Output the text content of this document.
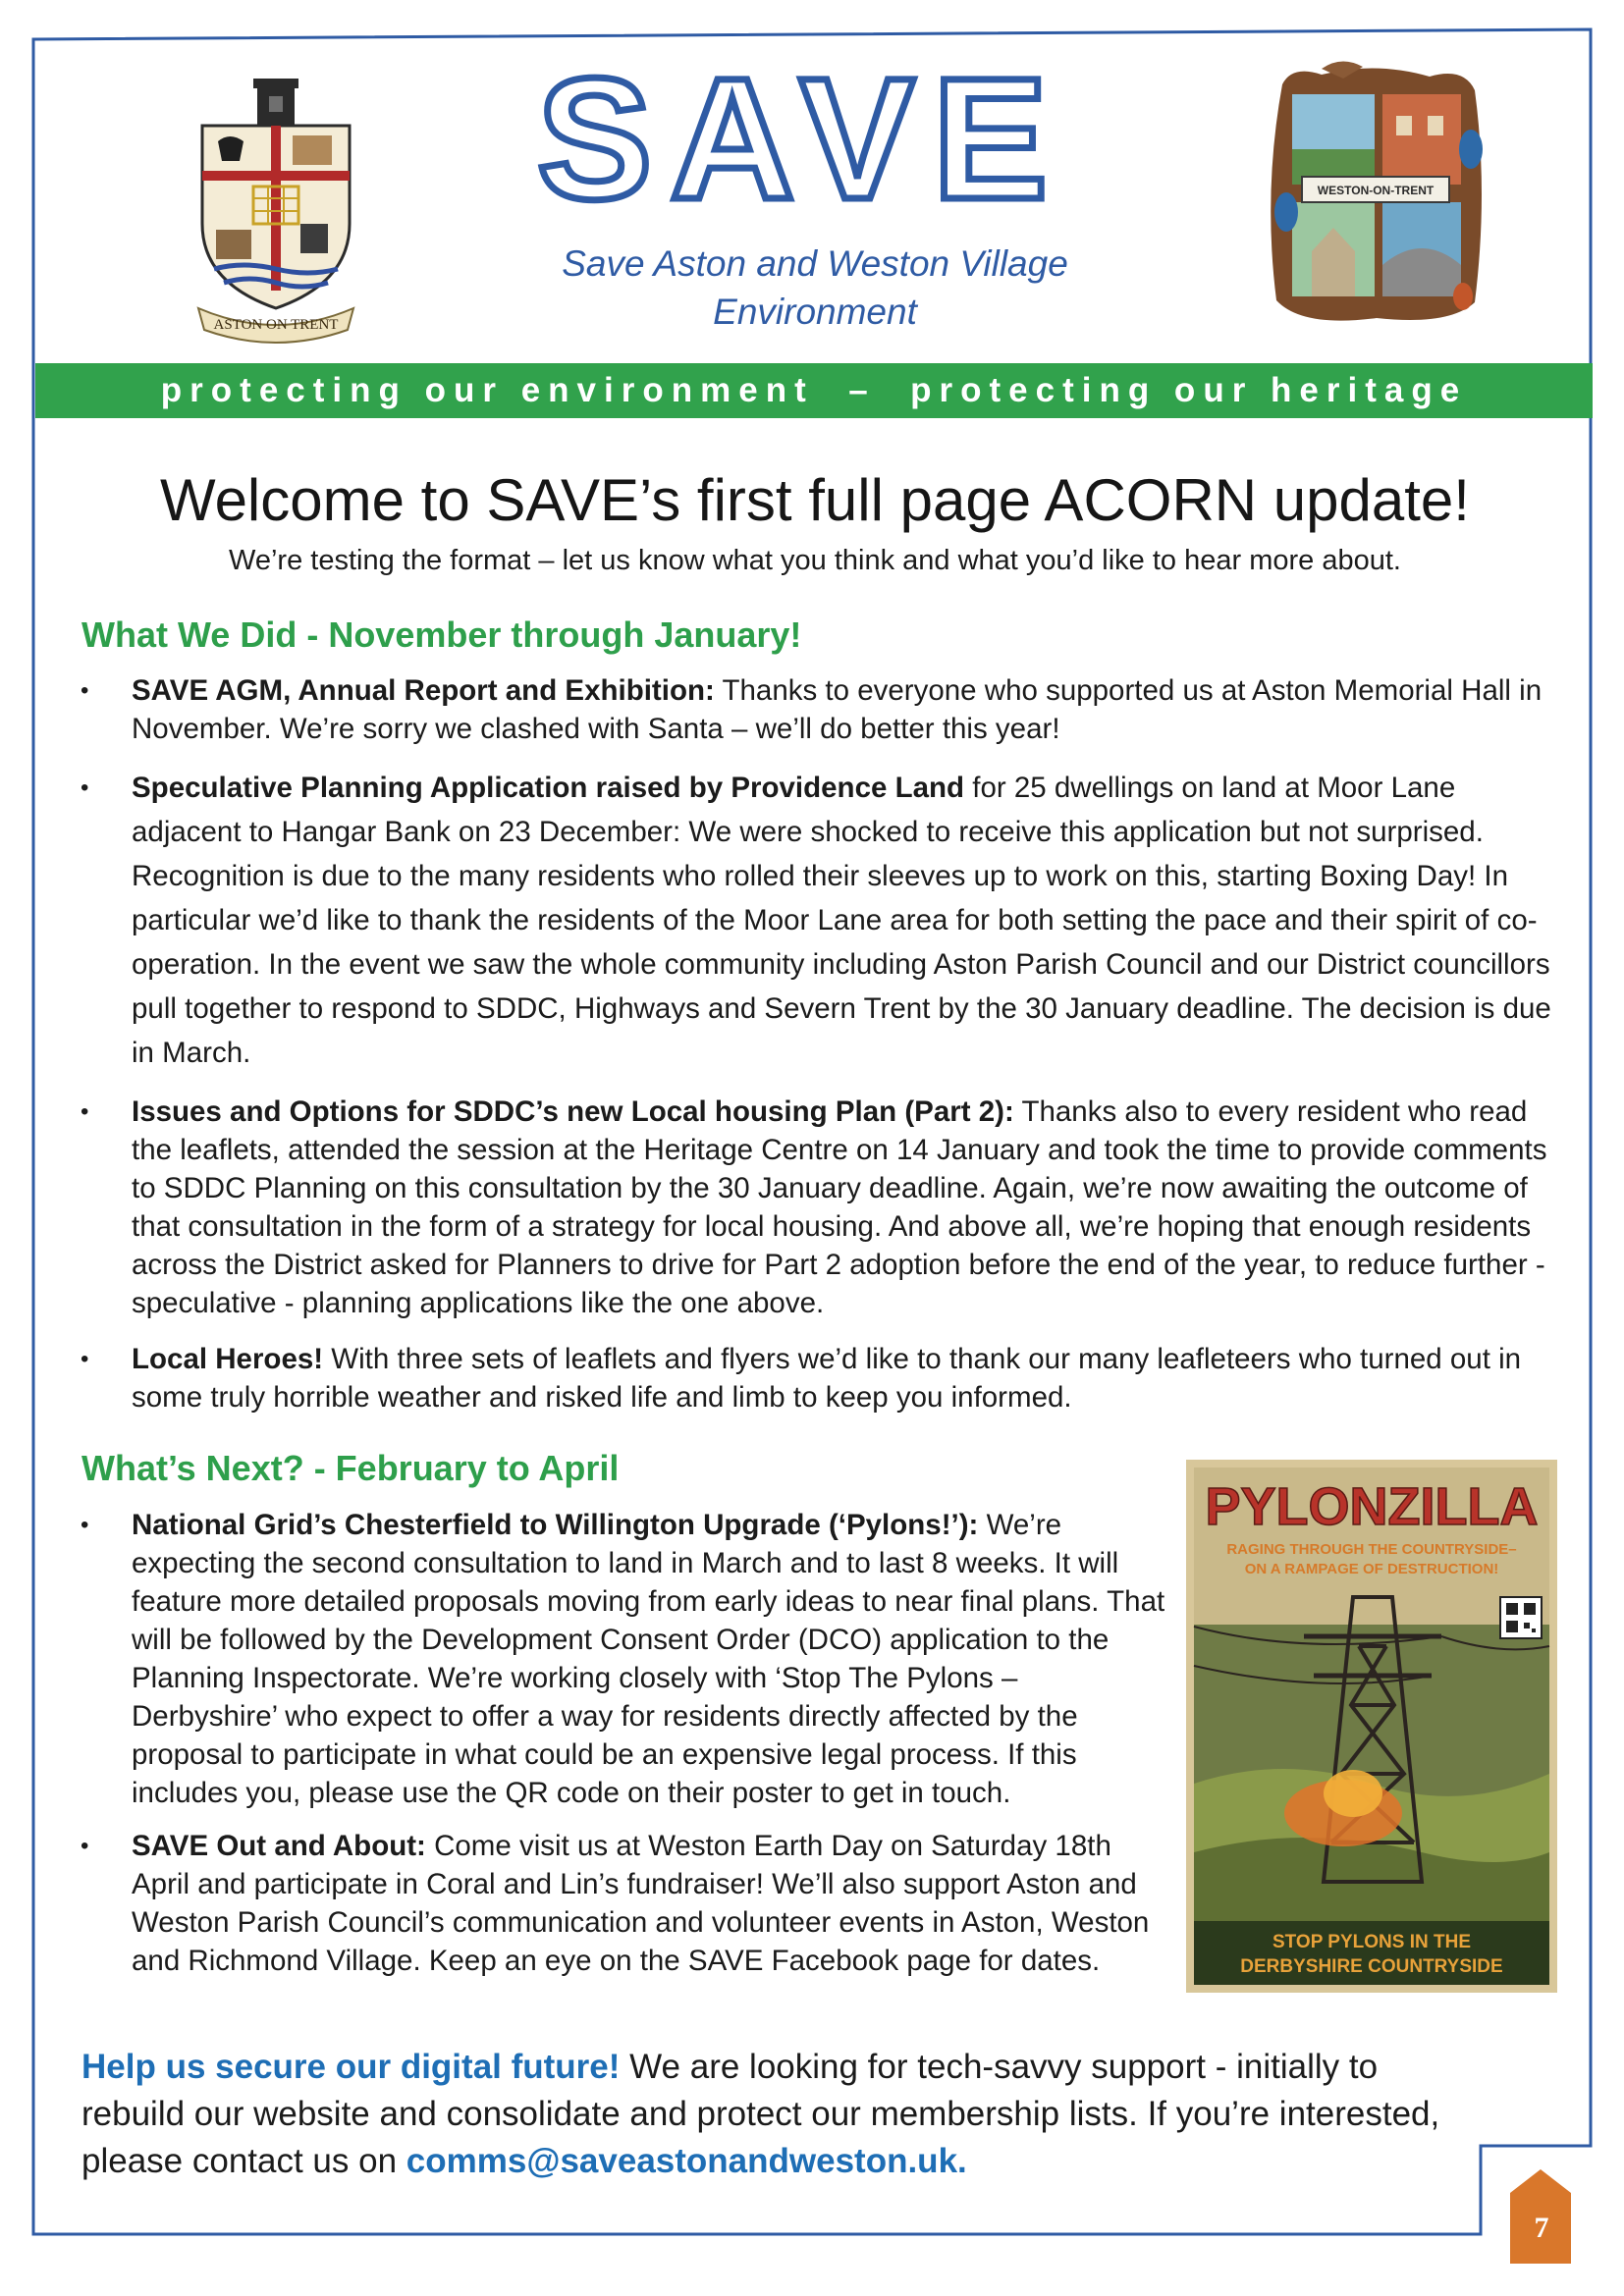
ASTON ON TRENT
WESTON-ON-TRENT
SAVE
Save Aston and Weston Village Environment
protecting our environment  –  protecting our heritage
Welcome to SAVE’s first full page ACORN update!
We’re testing the format – let us know what you think and what you’d like to hear more about.
What We Did - November through January!
• SAVE AGM, Annual Report and Exhibition: Thanks to everyone who supported us at Aston Memorial Hall in November. We’re sorry we clashed with Santa – we’ll do better this year!
• Speculative Planning Application raised by Providence Land for 25 dwellings on land at Moor Lane adjacent to Hangar Bank on 23 December: We were shocked to receive this application but not surprised. Recognition is due to the many residents who rolled their sleeves up to work on this, starting Boxing Day! In particular we’d like to thank the residents of the Moor Lane area for both setting the pace and their spirit of co-operation. In the event we saw the whole community including Aston Parish Council and our District councillors pull together to respond to SDDC, Highways and Severn Trent by the 30 January deadline. The decision is due in March.
• Issues and Options for SDDC’s new Local housing Plan (Part 2): Thanks also to every resident who read the leaflets, attended the session at the Heritage Centre on 14 January and took the time to provide comments to SDDC Planning on this consultation by the 30 January deadline. Again, we’re now awaiting the outcome of that consultation in the form of a strategy for local housing. And above all, we’re hoping that enough residents across the District asked for Planners to drive for Part 2 adoption before the end of the year, to reduce further - speculative - planning applications like the one above.
• Local Heroes! With three sets of leaflets and flyers we’d like to thank our many leafleteers who turned out in some truly horrible weather and risked life and limb to keep you informed.
What’s Next? - February to April
• National Grid’s Chesterfield to Willington Upgrade (‘Pylons!’): We’re expecting the second consultation to land in March and to last 8 weeks. It will feature more detailed proposals moving from early ideas to near final plans. That will be followed by the Development Consent Order (DCO) application to the Planning Inspectorate. We’re working closely with ‘Stop The Pylons – Derbyshire’ who expect to offer a way for residents directly affected by the proposal to participate in what could be an expensive legal process. If this includes you, please use the QR code on their poster to get in touch.
• SAVE Out and About: Come visit us at Weston Earth Day on Saturday 18th April and participate in Coral and Lin’s fundraiser! We’ll also support Aston and Weston Parish Council’s communication and volunteer events in Aston, Weston and Richmond Village. Keep an eye on the SAVE Facebook page for dates.
PYLONZILLA
RAGING THROUGH THE COUNTRYSIDE–
ON A RAMPAGE OF DESTRUCTION!
STOP PYLONS IN THE
DERBYSHIRE COUNTRYSIDE
Help us secure our digital future! We are looking for tech-savvy support - initially to rebuild our website and consolidate and protect our membership lists. If you’re interested, please contact us on comms@saveastonandweston.uk.
7
